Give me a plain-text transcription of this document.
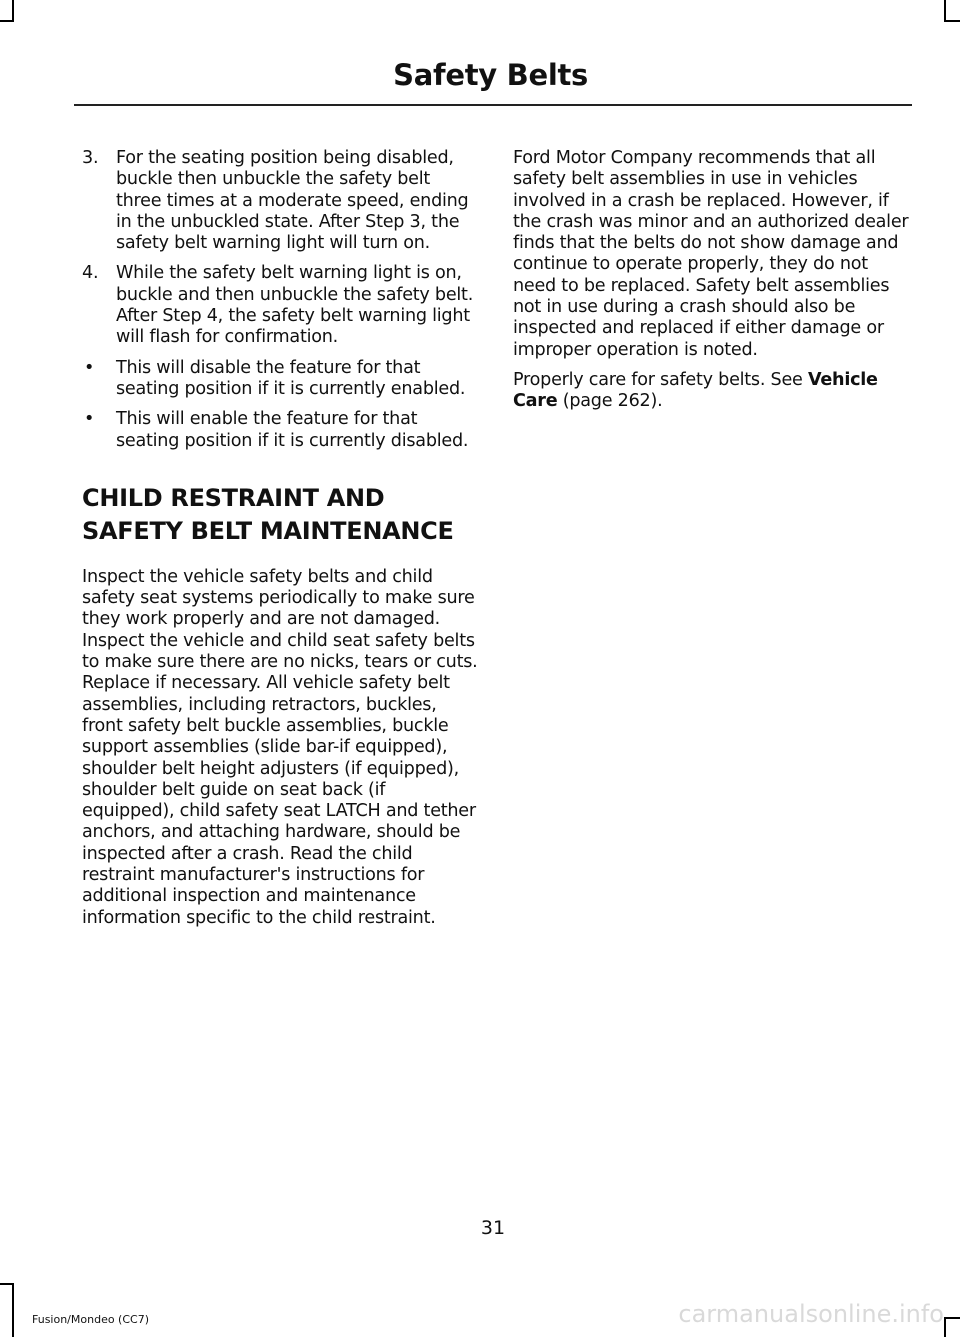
Safety Belts
3. For the seating position being disabled, buckle then unbuckle the safety belt three times at a moderate speed, ending in the unbuckled state. After Step 3, the safety belt warning light will turn on.
4. While the safety belt warning light is on, buckle and then unbuckle the safety belt. After Step 4, the safety belt warning light will flash for confirmation.
• This will disable the feature for that seating position if it is currently enabled.
• This will enable the feature for that seating position if it is currently disabled.
CHILD RESTRAINT AND
SAFETY BELT MAINTENANCE

Inspect the vehicle safety belts and child safety seat systems periodically to make sure they work properly and are not damaged. Inspect the vehicle and child seat safety belts to make sure there are no nicks, tears or cuts. Replace if necessary. All vehicle safety belt assemblies, including retractors, buckles, front safety belt buckle assemblies, buckle support assemblies (slide bar-if equipped), shoulder belt height adjusters (if equipped), shoulder belt guide on seat back (if equipped), child safety seat LATCH and tether anchors, and attaching hardware, should be inspected after a crash. Read the child restraint manufacturer's instructions for additional inspection and maintenance information specific to the child restraint.

Ford Motor Company recommends that all safety belt assemblies in use in vehicles involved in a crash be replaced. However, if the crash was minor and an authorized dealer finds that the belts do not show damage and continue to operate properly, they do not need to be replaced. Safety belt assemblies not in use during a crash should also be inspected and replaced if either damage or improper operation is noted.

Properly care for safety belts. See Vehicle Care (page 262).

31
Fusion/Mondeo (CC7)	carmanualsonline.info
